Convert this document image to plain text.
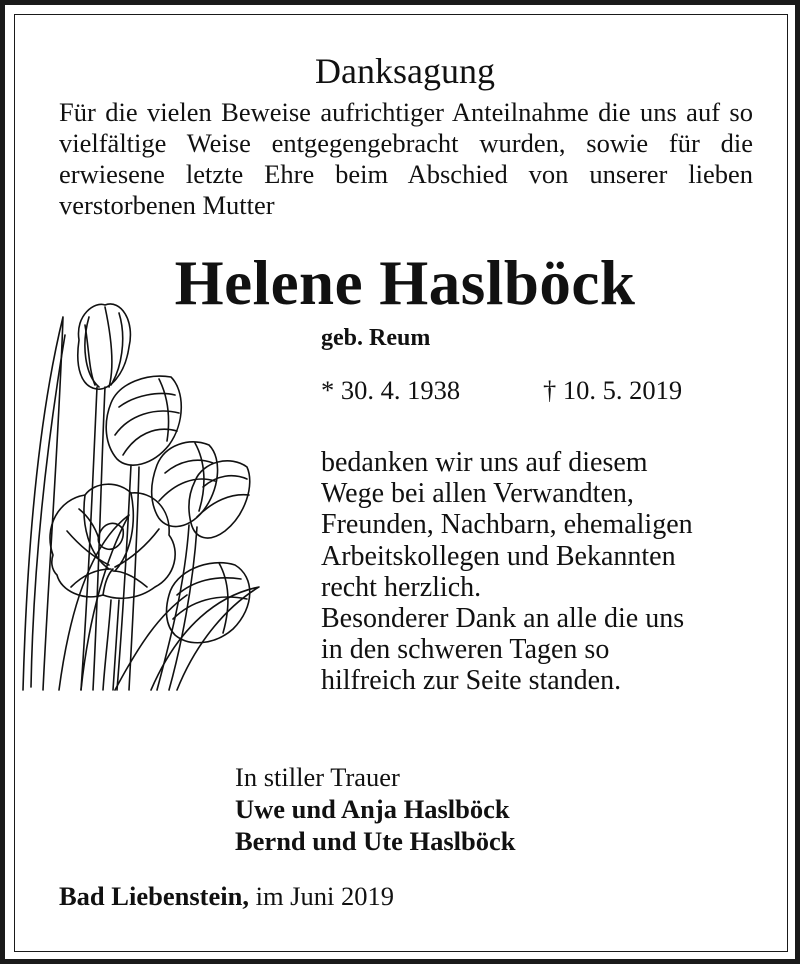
Danksagung
Für die vielen Beweise aufrichtiger Anteilnahme die uns auf so vielfältige Weise entgegengebracht wurden, sowie für die erwiesene letzte Ehre beim Abschied von unserer lieben verstorbenen Mutter
Helene Haslböck
geb. Reum
* 30. 4. 1938	† 10. 5. 2019
bedanken wir uns auf diesem
Wege bei allen Verwandten,
Freunden, Nachbarn, ehemaligen
Arbeitskollegen und Bekannten
recht herzlich.
Besonderer Dank an alle die uns
in den schweren Tagen so
hilfreich zur Seite standen.
In stiller Trauer
Uwe und Anja Haslböck
Bernd und Ute Haslböck
Bad Liebenstein, im Juni 2019
